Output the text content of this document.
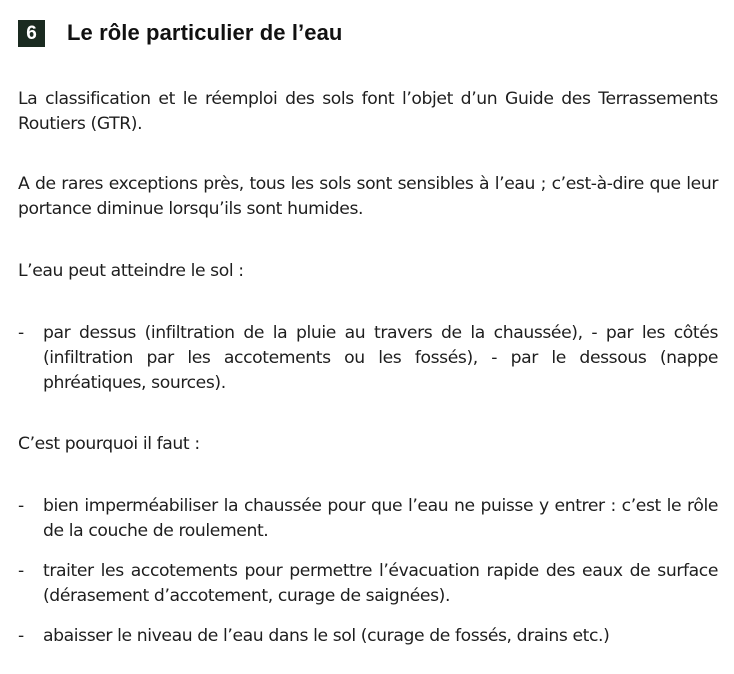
6	Le rôle particulier de l’eau

La classification et le réemploi des sols font l’objet d’un Guide des Terrassements Routiers (GTR).

A de rares exceptions près, tous les sols sont sensibles à l’eau ; c’est-à-dire que leur portance diminue lorsqu’ils sont humides.

L’eau peut atteindre le sol :

- par dessus (infiltration de la pluie au travers de la chaussée), - par les côtés (infiltration par les accotements ou les fossés), - par le dessous (nappe phréatiques, sources).

C’est pourquoi il faut :

- bien imperméabiliser la chaussée pour que l’eau ne puisse y entrer : c’est le rôle de la couche de roulement.
- traiter les accotements pour permettre l’évacuation rapide des eaux de surface (dérasement d’accotement, curage de saignées).
- abaisser le niveau de l’eau dans le sol (curage de fossés, drains etc.)
